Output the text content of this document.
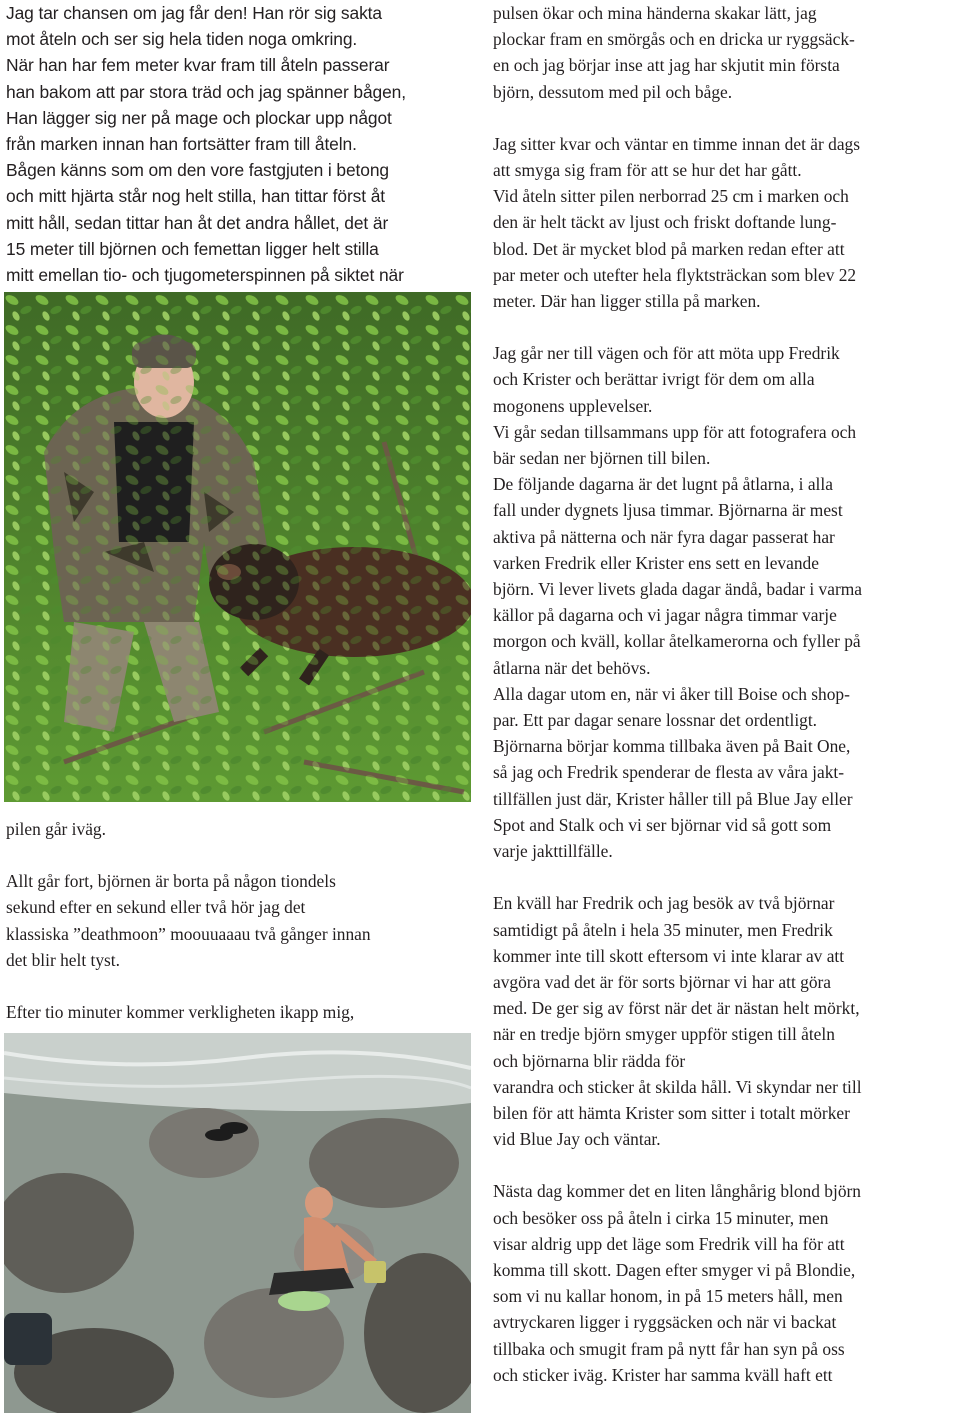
Jag tar chansen om jag får den! Han rör sig sakta

mot åteln och ser sig hela tiden noga omkring.

När han har fem meter kvar fram till åteln passerar

han bakom att par stora träd och jag spänner bågen,

Han lägger sig ner på mage och plockar upp något

från marken innan han fortsätter fram till åteln.

Bågen känns som om den vore fastgjuten i betong

och mitt hjärta står nog helt stilla, han tittar först åt

mitt håll, sedan tittar han åt det andra hållet, det är

15 meter till björnen och femettan ligger helt stilla

mitt emellan tio- och tjugometerspinnen på siktet när

pilen går iväg.

Allt går fort, björnen är borta på någon tiondels

sekund efter en sekund eller två hör jag det

klassiska ”deathmoon” moouuaaau två gånger innan

det blir helt tyst.

Efter tio minuter kommer verkligheten ikapp mig,

pulsen ökar och mina händerna skakar lätt, jag

plockar fram en smörgås och en dricka ur ryggsäck-

en och jag börjar inse att jag har skjutit min första

björn, dessutom med pil och båge.

Jag sitter kvar och väntar en timme innan det är dags

att smyga sig fram för att se hur det har gått.

Vid åteln sitter pilen nerborrad 25 cm i marken och

den är helt täckt av ljust och friskt doftande lung-

blod. Det är mycket blod på marken redan efter att

par meter och utefter hela flyktsträckan som blev 22

meter. Där han ligger stilla på marken.

Jag går ner till vägen och för att möta upp Fredrik

och Krister och berättar ivrigt för dem om alla

mogonens upplevelser.

Vi går sedan tillsammans upp för att fotografera och

bär sedan ner björnen till bilen.

De följande dagarna är det lugnt på åtlarna, i alla

fall under dygnets ljusa timmar. Björnarna är mest

aktiva på nätterna och när fyra dagar passerat har

varken Fredrik eller Krister ens sett en levande

björn. Vi lever livets glada dagar ändå, badar i varma

källor på dagarna och vi jagar några timmar varje

morgon och kväll, kollar åtelkamerorna och fyller på

åtlarna när det behövs.

Alla dagar utom en, när vi åker till Boise och shop-

par. Ett par dagar senare lossnar det ordentligt.

Björnarna börjar komma tillbaka även på Bait One,

så jag och Fredrik spenderar de flesta av våra jakt-

tillfällen just där, Krister håller till på Blue Jay eller

Spot and Stalk och vi ser björnar vid så gott som

varje jakttillfälle.

En kväll har Fredrik och jag besök av två björnar

samtidigt på åteln i hela 35 minuter, men Fredrik

kommer inte till skott eftersom vi inte klarar av att

avgöra vad det är för sorts björnar vi har att göra

med. De ger sig av först när det är nästan helt mörkt,

när en tredje björn smyger uppför stigen till åteln

och björnarna blir rädda för

varandra och sticker åt skilda håll. Vi skyndar ner till

bilen för att hämta Krister som sitter i totalt mörker

vid Blue Jay och väntar.

Nästa dag kommer det en liten långhårig blond björn

och besöker oss på åteln i cirka 15 minuter, men

visar aldrig upp det läge som Fredrik vill ha för att

komma till skott. Dagen efter smyger vi på Blondie,

som vi nu kallar honom, in på 15 meters håll, men

avtryckaren ligger i ryggsäcken och när vi backat

tillbaka och smugit fram på nytt får han syn på oss

och sticker iväg. Krister har samma kväll haft ett
